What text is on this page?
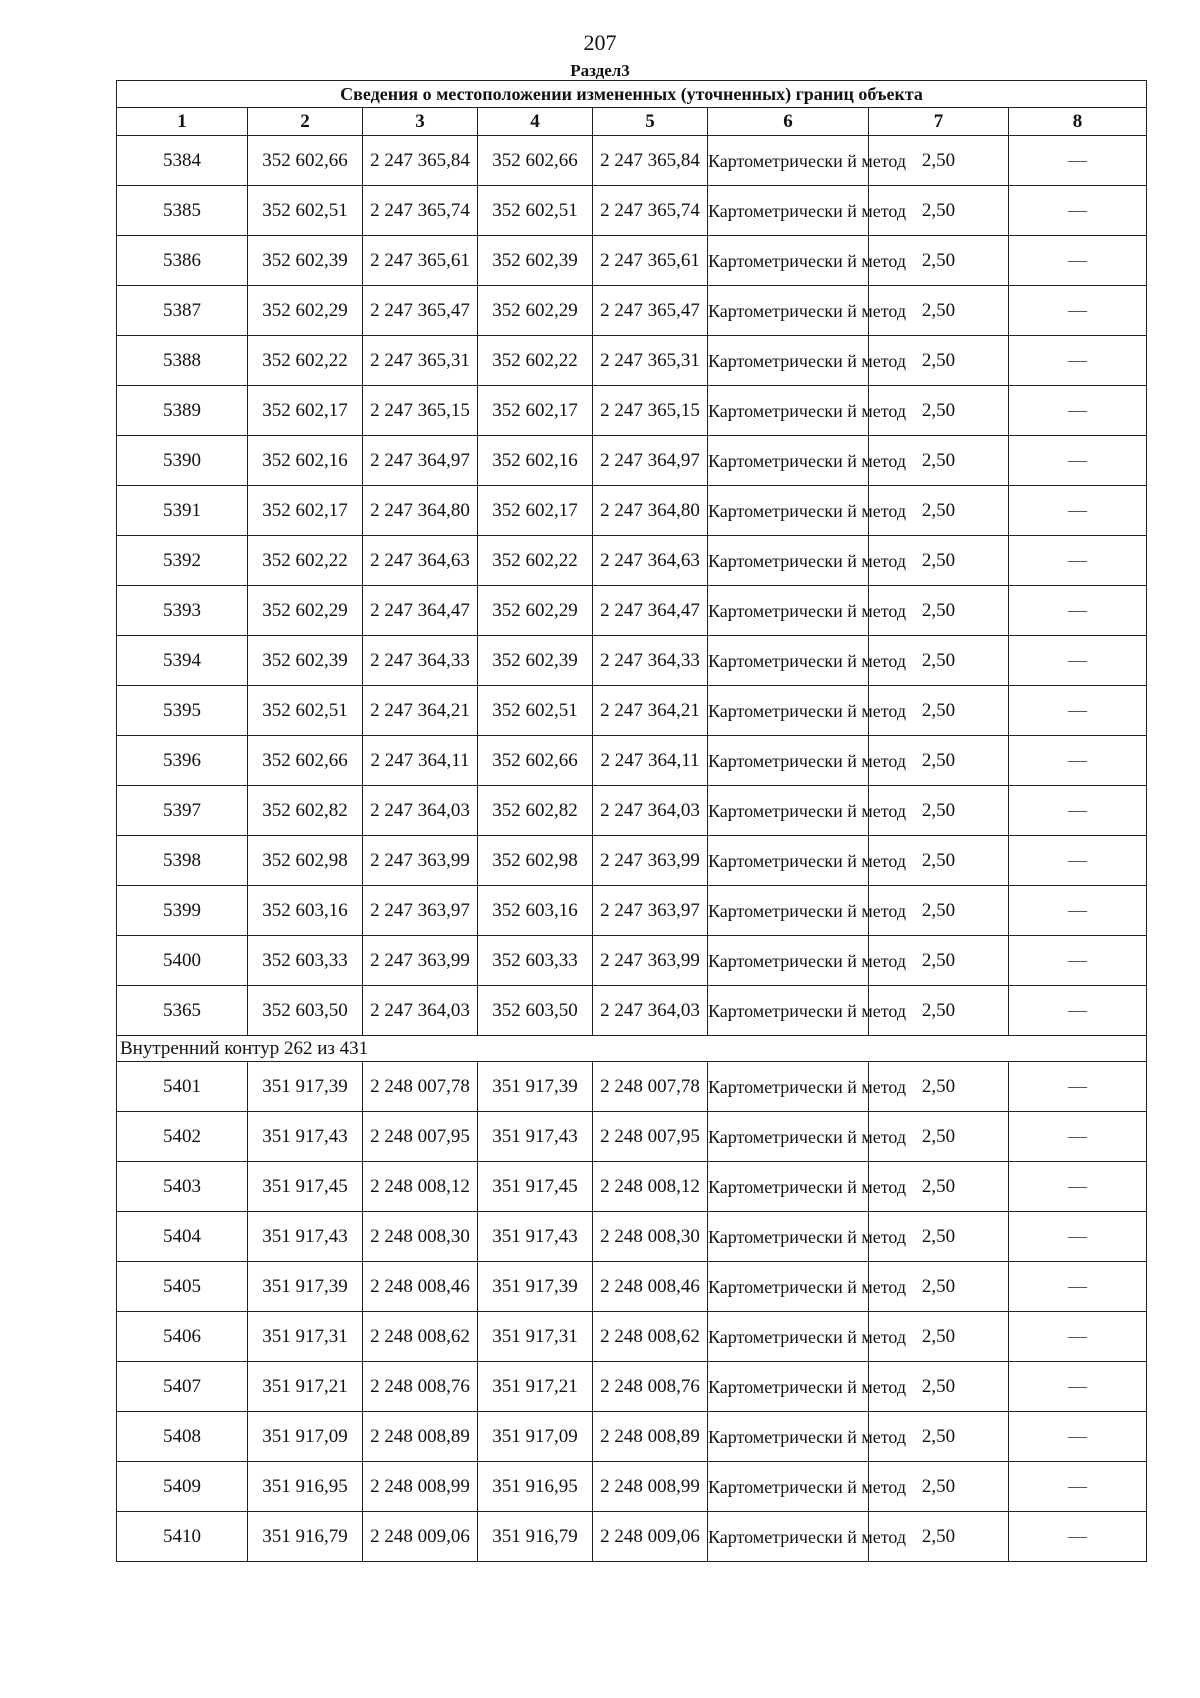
207
Раздел3
Сведения о местоположении измененных (уточненных) границ объекта							
1	2	3	4	5	6	7	8
5384	352 602,66	2 247 365,84	352 602,66	2 247 365,84	Картометрически й метод	2,50	—
5385	352 602,51	2 247 365,74	352 602,51	2 247 365,74	Картометрически й метод	2,50	—
5386	352 602,39	2 247 365,61	352 602,39	2 247 365,61	Картометрически й метод	2,50	—
5387	352 602,29	2 247 365,47	352 602,29	2 247 365,47	Картометрически й метод	2,50	—
5388	352 602,22	2 247 365,31	352 602,22	2 247 365,31	Картометрически й метод	2,50	—
5389	352 602,17	2 247 365,15	352 602,17	2 247 365,15	Картометрически й метод	2,50	—
5390	352 602,16	2 247 364,97	352 602,16	2 247 364,97	Картометрически й метод	2,50	—
5391	352 602,17	2 247 364,80	352 602,17	2 247 364,80	Картометрически й метод	2,50	—
5392	352 602,22	2 247 364,63	352 602,22	2 247 364,63	Картометрически й метод	2,50	—
5393	352 602,29	2 247 364,47	352 602,29	2 247 364,47	Картометрически й метод	2,50	—
5394	352 602,39	2 247 364,33	352 602,39	2 247 364,33	Картометрически й метод	2,50	—
5395	352 602,51	2 247 364,21	352 602,51	2 247 364,21	Картометрически й метод	2,50	—
5396	352 602,66	2 247 364,11	352 602,66	2 247 364,11	Картометрически й метод	2,50	—
5397	352 602,82	2 247 364,03	352 602,82	2 247 364,03	Картометрически й метод	2,50	—
5398	352 602,98	2 247 363,99	352 602,98	2 247 363,99	Картометрически й метод	2,50	—
5399	352 603,16	2 247 363,97	352 603,16	2 247 363,97	Картометрически й метод	2,50	—
5400	352 603,33	2 247 363,99	352 603,33	2 247 363,99	Картометрически й метод	2,50	—
5365	352 603,50	2 247 364,03	352 603,50	2 247 364,03	Картометрически й метод	2,50	—
Внутренний контур 262 из 431							
5401	351 917,39	2 248 007,78	351 917,39	2 248 007,78	Картометрически й метод	2,50	—
5402	351 917,43	2 248 007,95	351 917,43	2 248 007,95	Картометрически й метод	2,50	—
5403	351 917,45	2 248 008,12	351 917,45	2 248 008,12	Картометрически й метод	2,50	—
5404	351 917,43	2 248 008,30	351 917,43	2 248 008,30	Картометрически й метод	2,50	—
5405	351 917,39	2 248 008,46	351 917,39	2 248 008,46	Картометрически й метод	2,50	—
5406	351 917,31	2 248 008,62	351 917,31	2 248 008,62	Картометрически й метод	2,50	—
5407	351 917,21	2 248 008,76	351 917,21	2 248 008,76	Картометрически й метод	2,50	—
5408	351 917,09	2 248 008,89	351 917,09	2 248 008,89	Картометрически й метод	2,50	—
5409	351 916,95	2 248 008,99	351 916,95	2 248 008,99	Картометрически й метод	2,50	—
5410	351 916,79	2 248 009,06	351 916,79	2 248 009,06	Картометрически й метод	2,50	—
